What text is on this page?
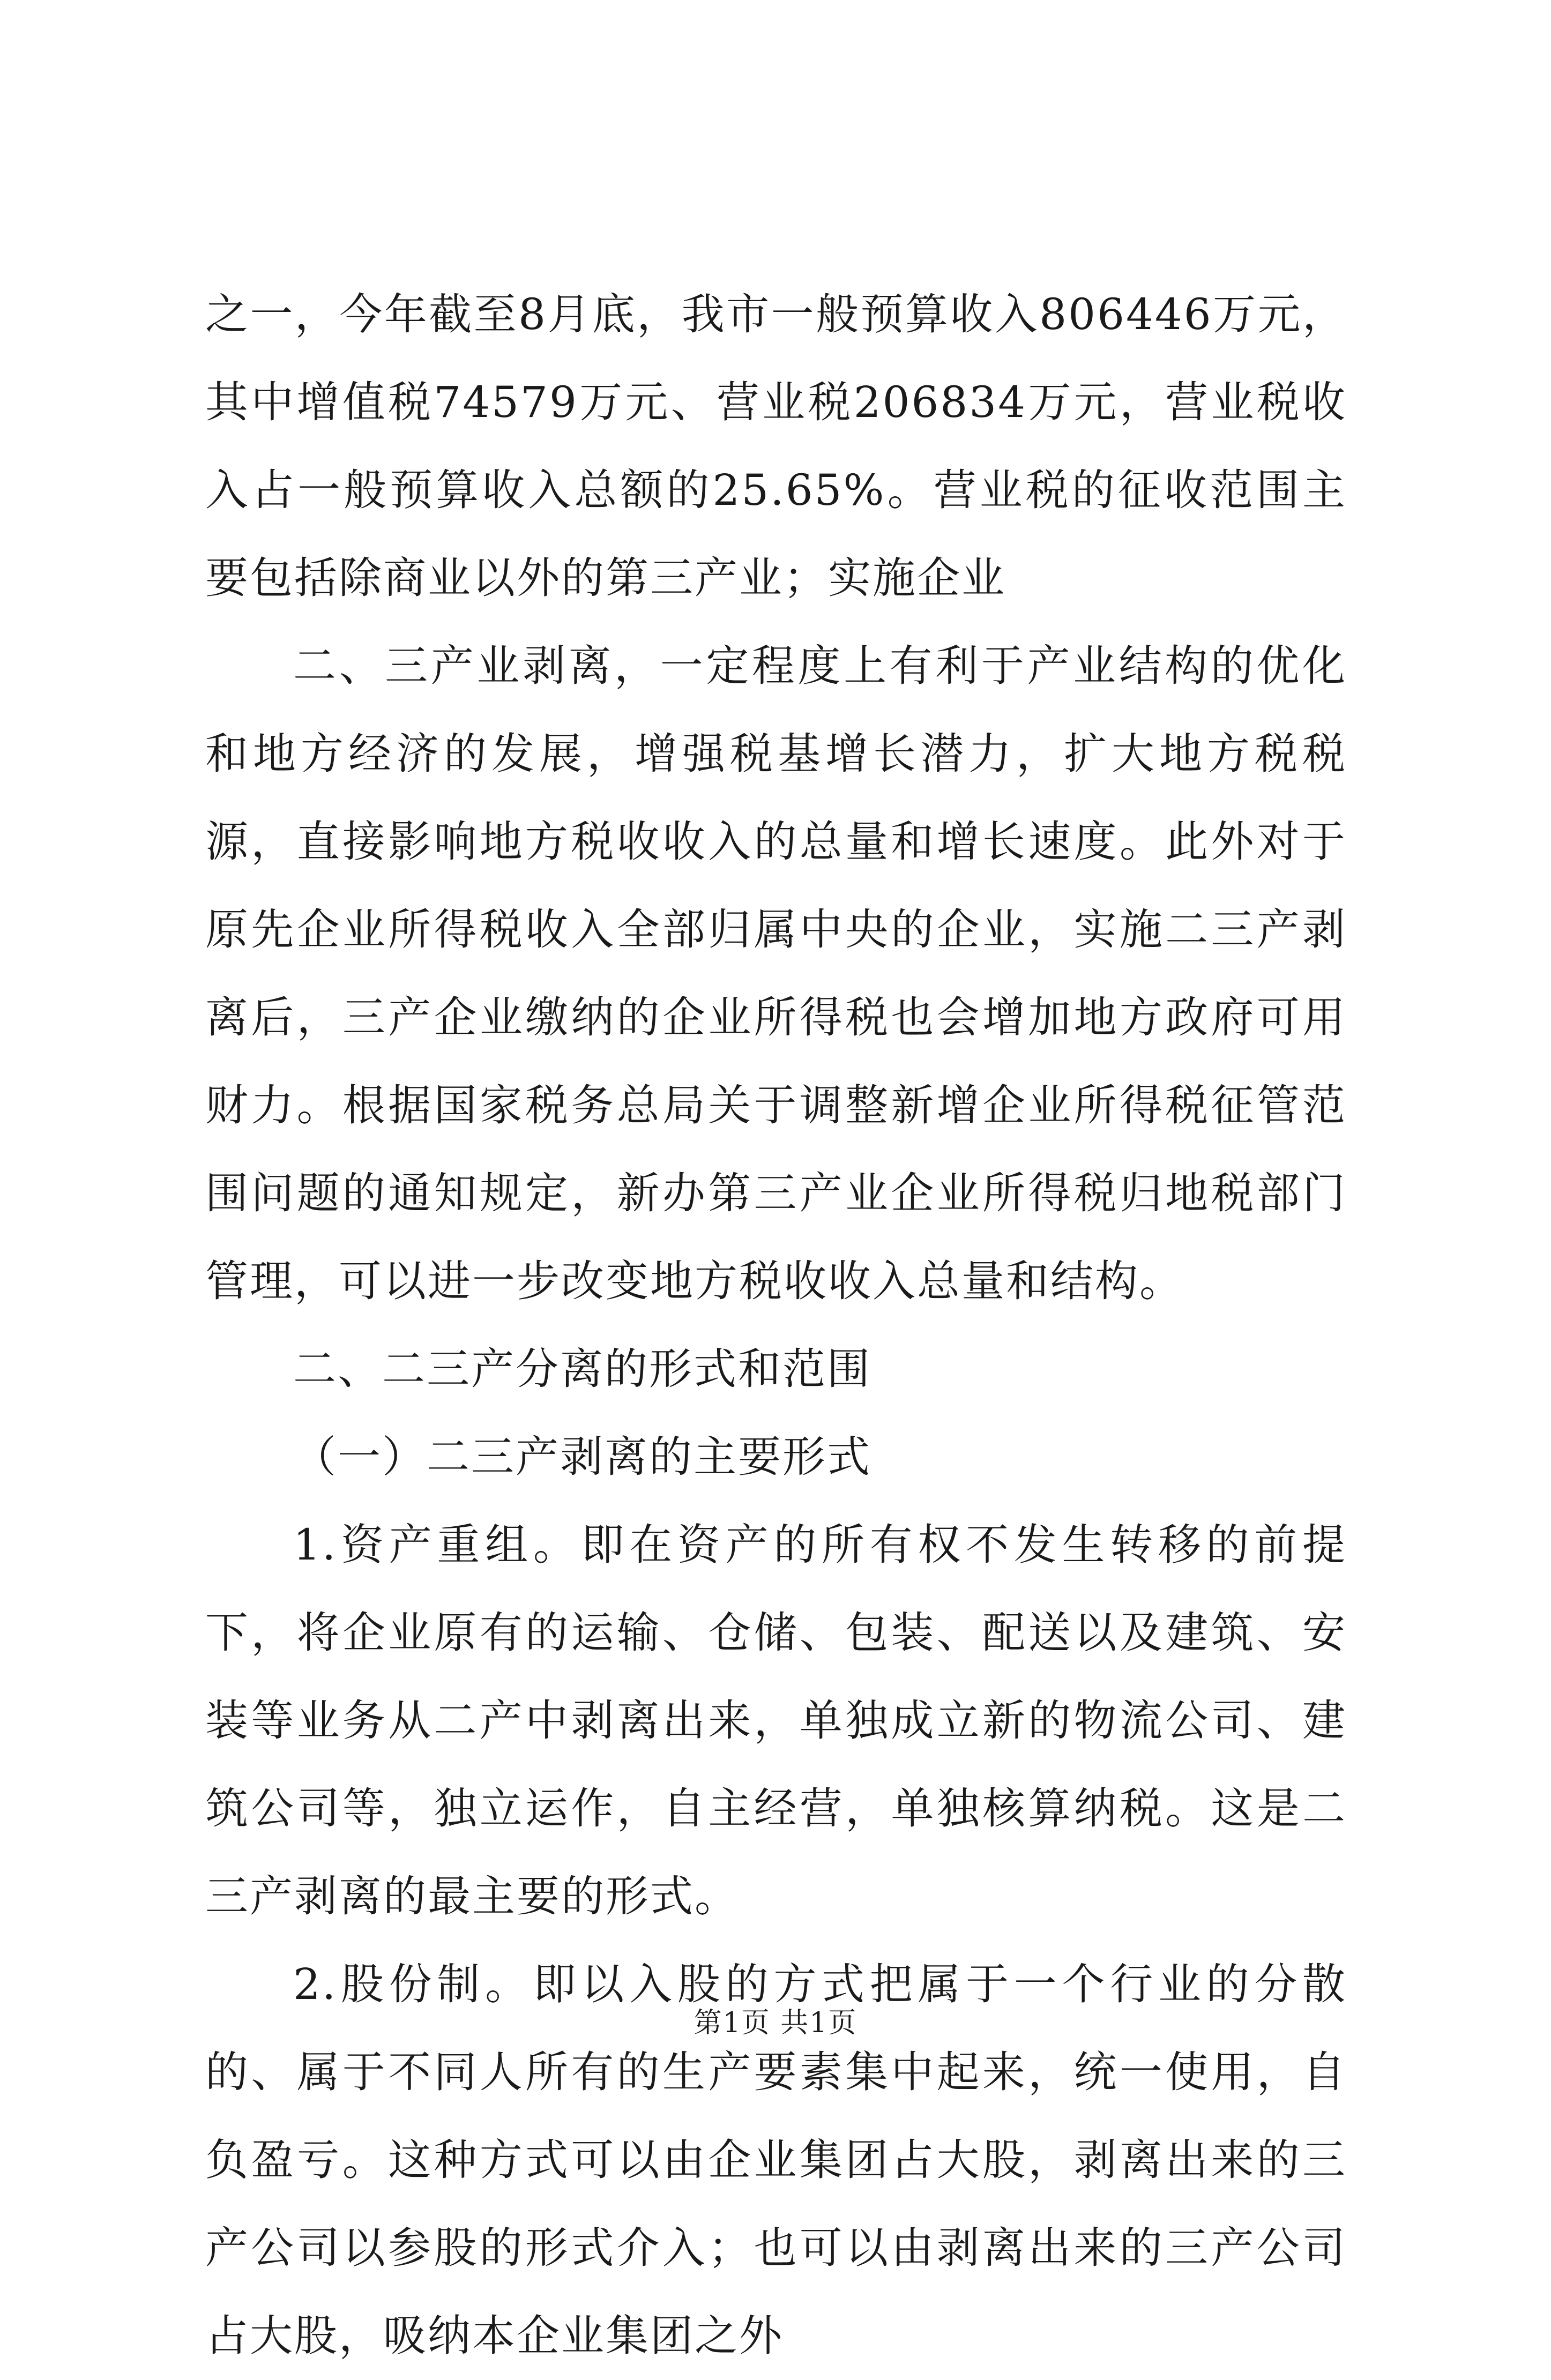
之一，今年截至8月底，我市一般预算收入806446万元，其中增值税74579万元、营业税206834万元，营业税收入占一般预算收入总额的25.65%。营业税的征收范围主要包括除商业以外的第三产业；实施企业

二、三产业剥离，一定程度上有利于产业结构的优化和地方经济的发展，增强税基增长潜力，扩大地方税税源，直接影响地方税收收入的总量和增长速度。此外对于原先企业所得税收入全部归属中央的企业，实施二三产剥离后，三产企业缴纳的企业所得税也会增加地方政府可用财力。根据国家税务总局关于调整新增企业所得税征管范围问题的通知规定，新办第三产业企业所得税归地税部门管理，可以进一步改变地方税收收入总量和结构。

二、二三产分离的形式和范围

（一）二三产剥离的主要形式

1.资产重组。即在资产的所有权不发生转移的前提下，将企业原有的运输、仓储、包装、配送以及建筑、安装等业务从二产中剥离出来，单独成立新的物流公司、建筑公司等，独立运作，自主经营，单独核算纳税。这是二三产剥离的最主要的形式。

2.股份制。即以入股的方式把属于一个行业的分散的、属于不同人所有的生产要素集中起来，统一使用，自负盈亏。这种方式可以由企业集团占大股，剥离出来的三产公司以参股的形式介入；也可以由剥离出来的三产公司占大股，吸纳本企业集团之外

第1页 共1页
